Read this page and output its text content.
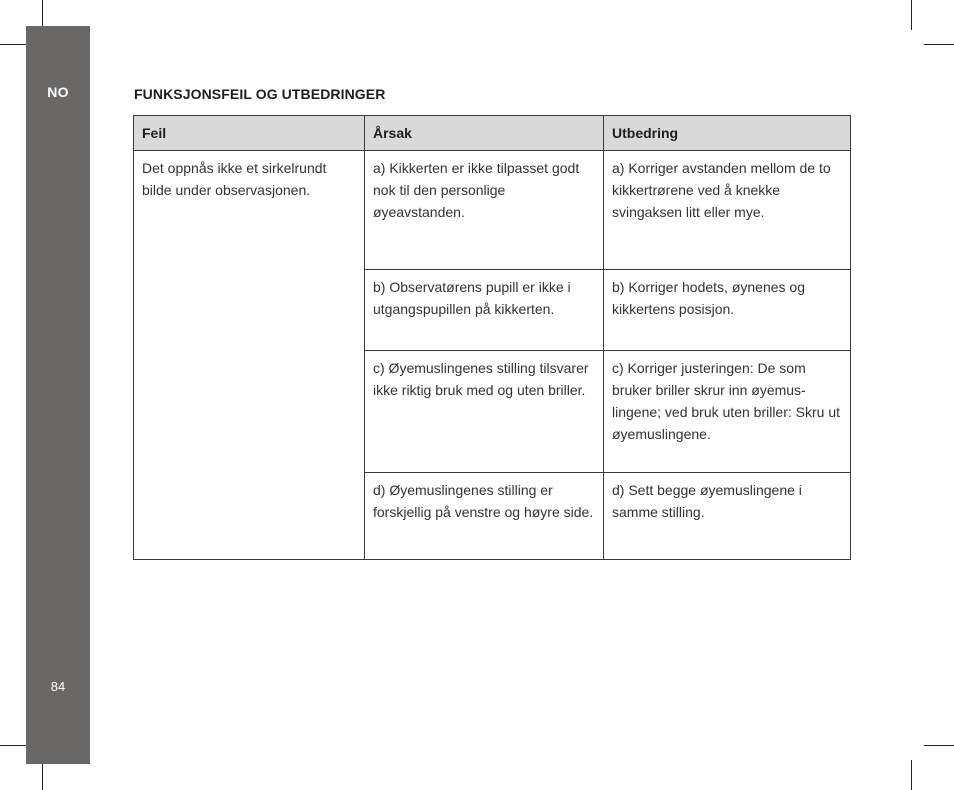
NO
84
FUNKSJONSFEIL OG UTBEDRINGER
Feil	Årsak	Utbedring
Det oppnås ikke et sirkelrundt bilde under observasjonen.	a) Kikkerten er ikke tilpasset godt nok til den personlige øyeavstanden.	a) Korriger avstanden mellom de to kikkertrørene ved å knekke svingaksen litt eller mye.
	b) Observatørens pupill er ikke i utgangspupillen på kikkerten.	b) Korriger hodets, øynenes og kikkertens posisjon.
	c) Øyemuslingenes stilling tilsvarer ikke riktig bruk med og uten briller.	c) Korriger justeringen: De som bruker briller skrur inn øyemus-lingene; ved bruk uten briller: Skru ut øyemuslingene.
	d) Øyemuslingenes stilling er forskjellig på venstre og høyre side.	d) Sett begge øyemuslingene i samme stilling.
